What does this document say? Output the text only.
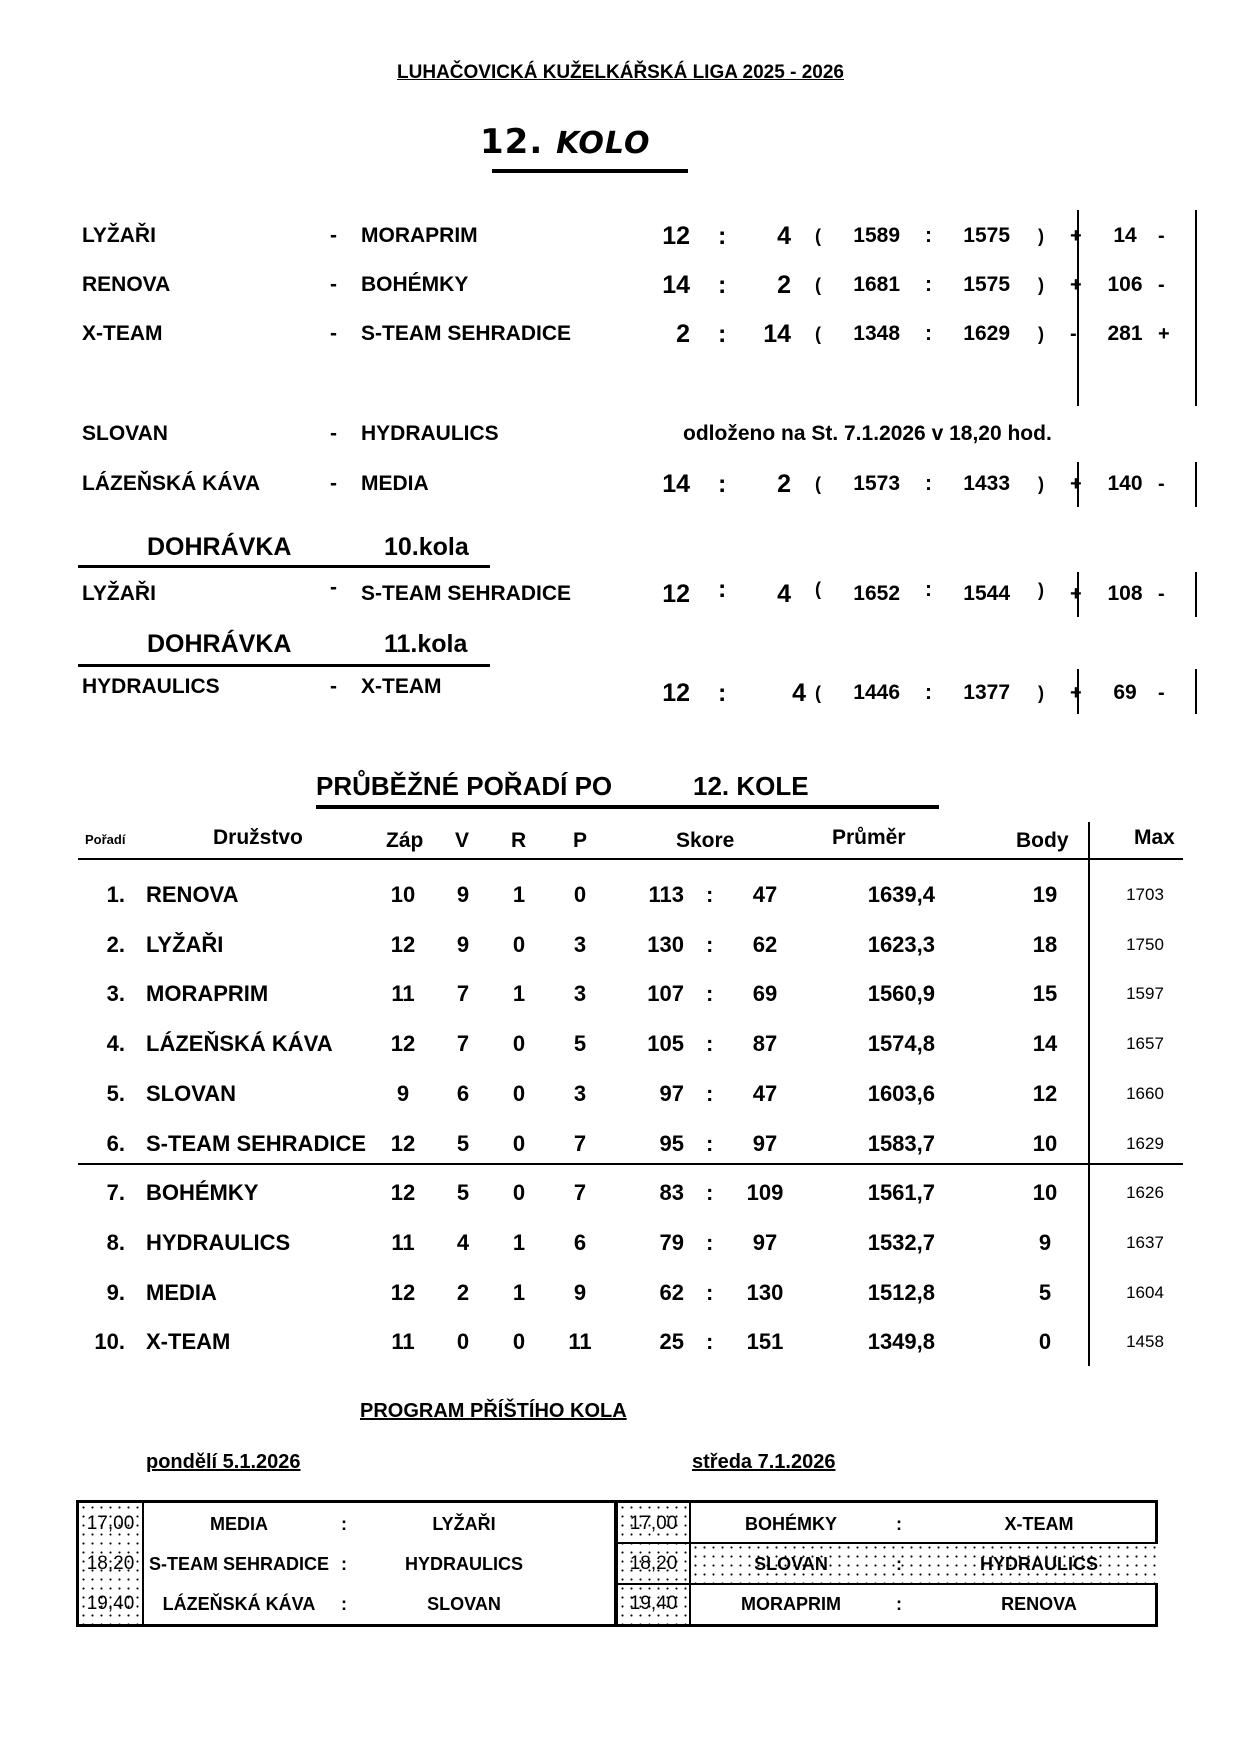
LUHAČOVICKÁ KUŽELKÁŘSKÁ LIGA 2025 - 2026
12. KOLO
LYŽAŘI	- MORAPRIM	12 :	4 (	1589 :	1575 ) +	14	-
RENOVA	- BOHÉMKY	14 :	2 (	1681 :	1575 ) +	106 -
X-TEAM	- S-TEAM SEHRADICE	2 :	14 (	1348 :	1629 ) -	281 +
SLOVAN	- HYDRAULICS	odloženo na St. 7.1.2026 v 18,20 hod.
LÁZEŇSKÁ KÁVA	- MEDIA	14 :	2 (	1573 :	1433 ) +	140 -
DOHRÁVKA	10.kola
LYŽAŘI	- S-TEAM SEHRADICE	12 :	4 (	1652 :	1544 ) +	108 -
DOHRÁVKA	11.kola
HYDRAULICS	- X-TEAM	12 :	4 (	1446 :	1377 ) +	69	-
PRŮBĚŽNÉ POŘADÍ PO	12. KOLE
Pořadí	Družstvo	Záp V R P	Skore	Průměr	Body	Max
1. RENOVA	10	9	1	0	113 :	47	1639,4	19	1703
2. LYŽAŘI	12	9	0	3	130 :	62	1623,3	18	1750
3. MORAPRIM	11	7	1	3	107 :	69	1560,9	15	1597
4. LÁZEŇSKÁ KÁVA	12	7	0	5	105 :	87	1574,8	14	1657
5. SLOVAN	9	6	0	3	97 :	47	1603,6	12	1660
6. S-TEAM SEHRADICE	12	5	0	7	95 :	97	1583,7	10	1629
7. BOHÉMKY	12	5	0	7	83 :	109	1561,7	10	1626
8. HYDRAULICS	11	4	1	6	79 :	97	1532,7	9	1637
9. MEDIA	12	2	1	9	62 :	130	1512,8	5	1604
10. X-TEAM	11	0	0	11	25 :	151	1349,8	0	1458
PROGRAM PŘÍŠTÍHO KOLA
pondělí 5.1.2026	středa 7.1.2026
17,00	MEDIA	:	LYŽAŘI
18,20 S-TEAM SEHRADICE :	HYDRAULICS
19,40	LÁZEŇSKÁ KÁVA	:	SLOVAN
17,00	BOHÉMKY	:	X-TEAM
18,20	SLOVAN	:	HYDRAULICS
19,40	MORAPRIM	:	RENOVA
